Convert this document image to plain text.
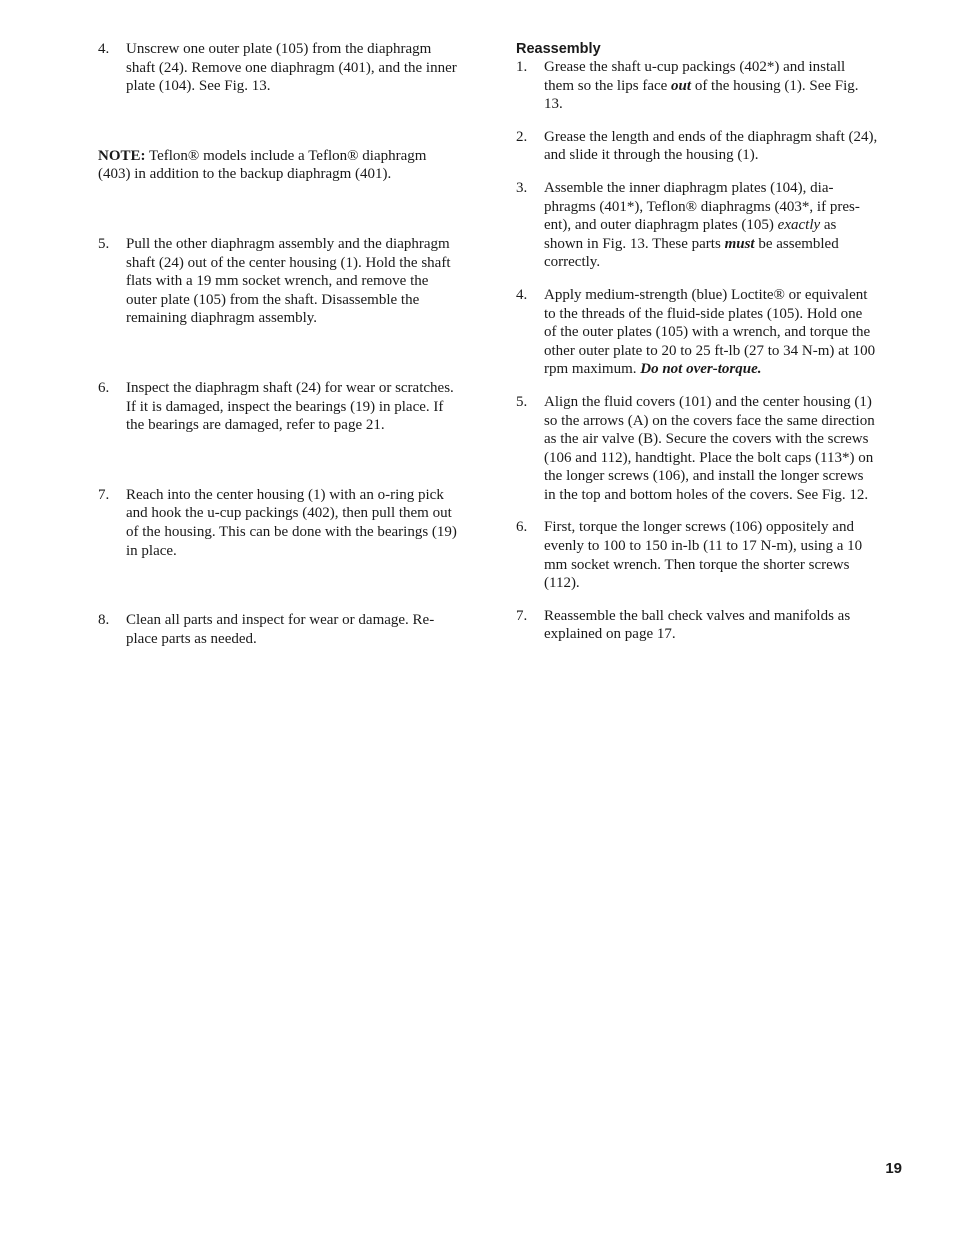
4. Unscrew one outer plate (105) from the diaphragm
shaft (24). Remove one diaphragm (401), and the inner
plate (104). See Fig. 13.
NOTE: Teflon® models include a Teflon® diaphragm
(403) in addition to the backup diaphragm (401).
5. Pull the other diaphragm assembly and the diaphragm
shaft (24) out of the center housing (1). Hold the shaft
flats with a 19 mm socket wrench, and remove the
outer plate (105) from the shaft. Disassemble the
remaining diaphragm assembly.
6. Inspect the diaphragm shaft (24) for wear or scratches.
If it is damaged, inspect the bearings (19) in place. If
the bearings are damaged, refer to page 21.
7. Reach into the center housing (1) with an o-ring pick
and hook the u-cup packings (402), then pull them out
of the housing. This can be done with the bearings (19)
in place.
8. Clean all parts and inspect for wear or damage. Re-
place parts as needed.
Reassembly
1. Grease the shaft u-cup packings (402*) and install
them so the lips face out of the housing (1). See Fig.
13.
2. Grease the length and ends of the diaphragm shaft (24),
and slide it through the housing (1).
3. Assemble the inner diaphragm plates (104), dia-
phragms (401*), Teflon® diaphragms (403*, if pres-
ent), and outer diaphragm plates (105) exactly as
shown in Fig. 13. These parts must be assembled
correctly.
4. Apply medium-strength (blue) Loctite® or equivalent
to the threads of the fluid-side plates (105). Hold one
of the outer plates (105) with a wrench, and torque the
other outer plate to 20 to 25 ft-lb (27 to 34 N-m) at 100
rpm maximum. Do not over-torque.
5. Align the fluid covers (101) and the center housing (1)
so the arrows (A) on the covers face the same direction
as the air valve (B). Secure the covers with the screws
(106 and 112), handtight. Place the bolt caps (113*) on
the longer screws (106), and install the longer screws
in the top and bottom holes of the covers. See Fig. 12.
6. First, torque the longer screws (106) oppositely and
evenly to 100 to 150 in-lb (11 to 17 N-m), using a 10
mm socket wrench. Then torque the shorter screws
(112).
7. Reassemble the ball check valves and manifolds as
explained on page 17.
19
